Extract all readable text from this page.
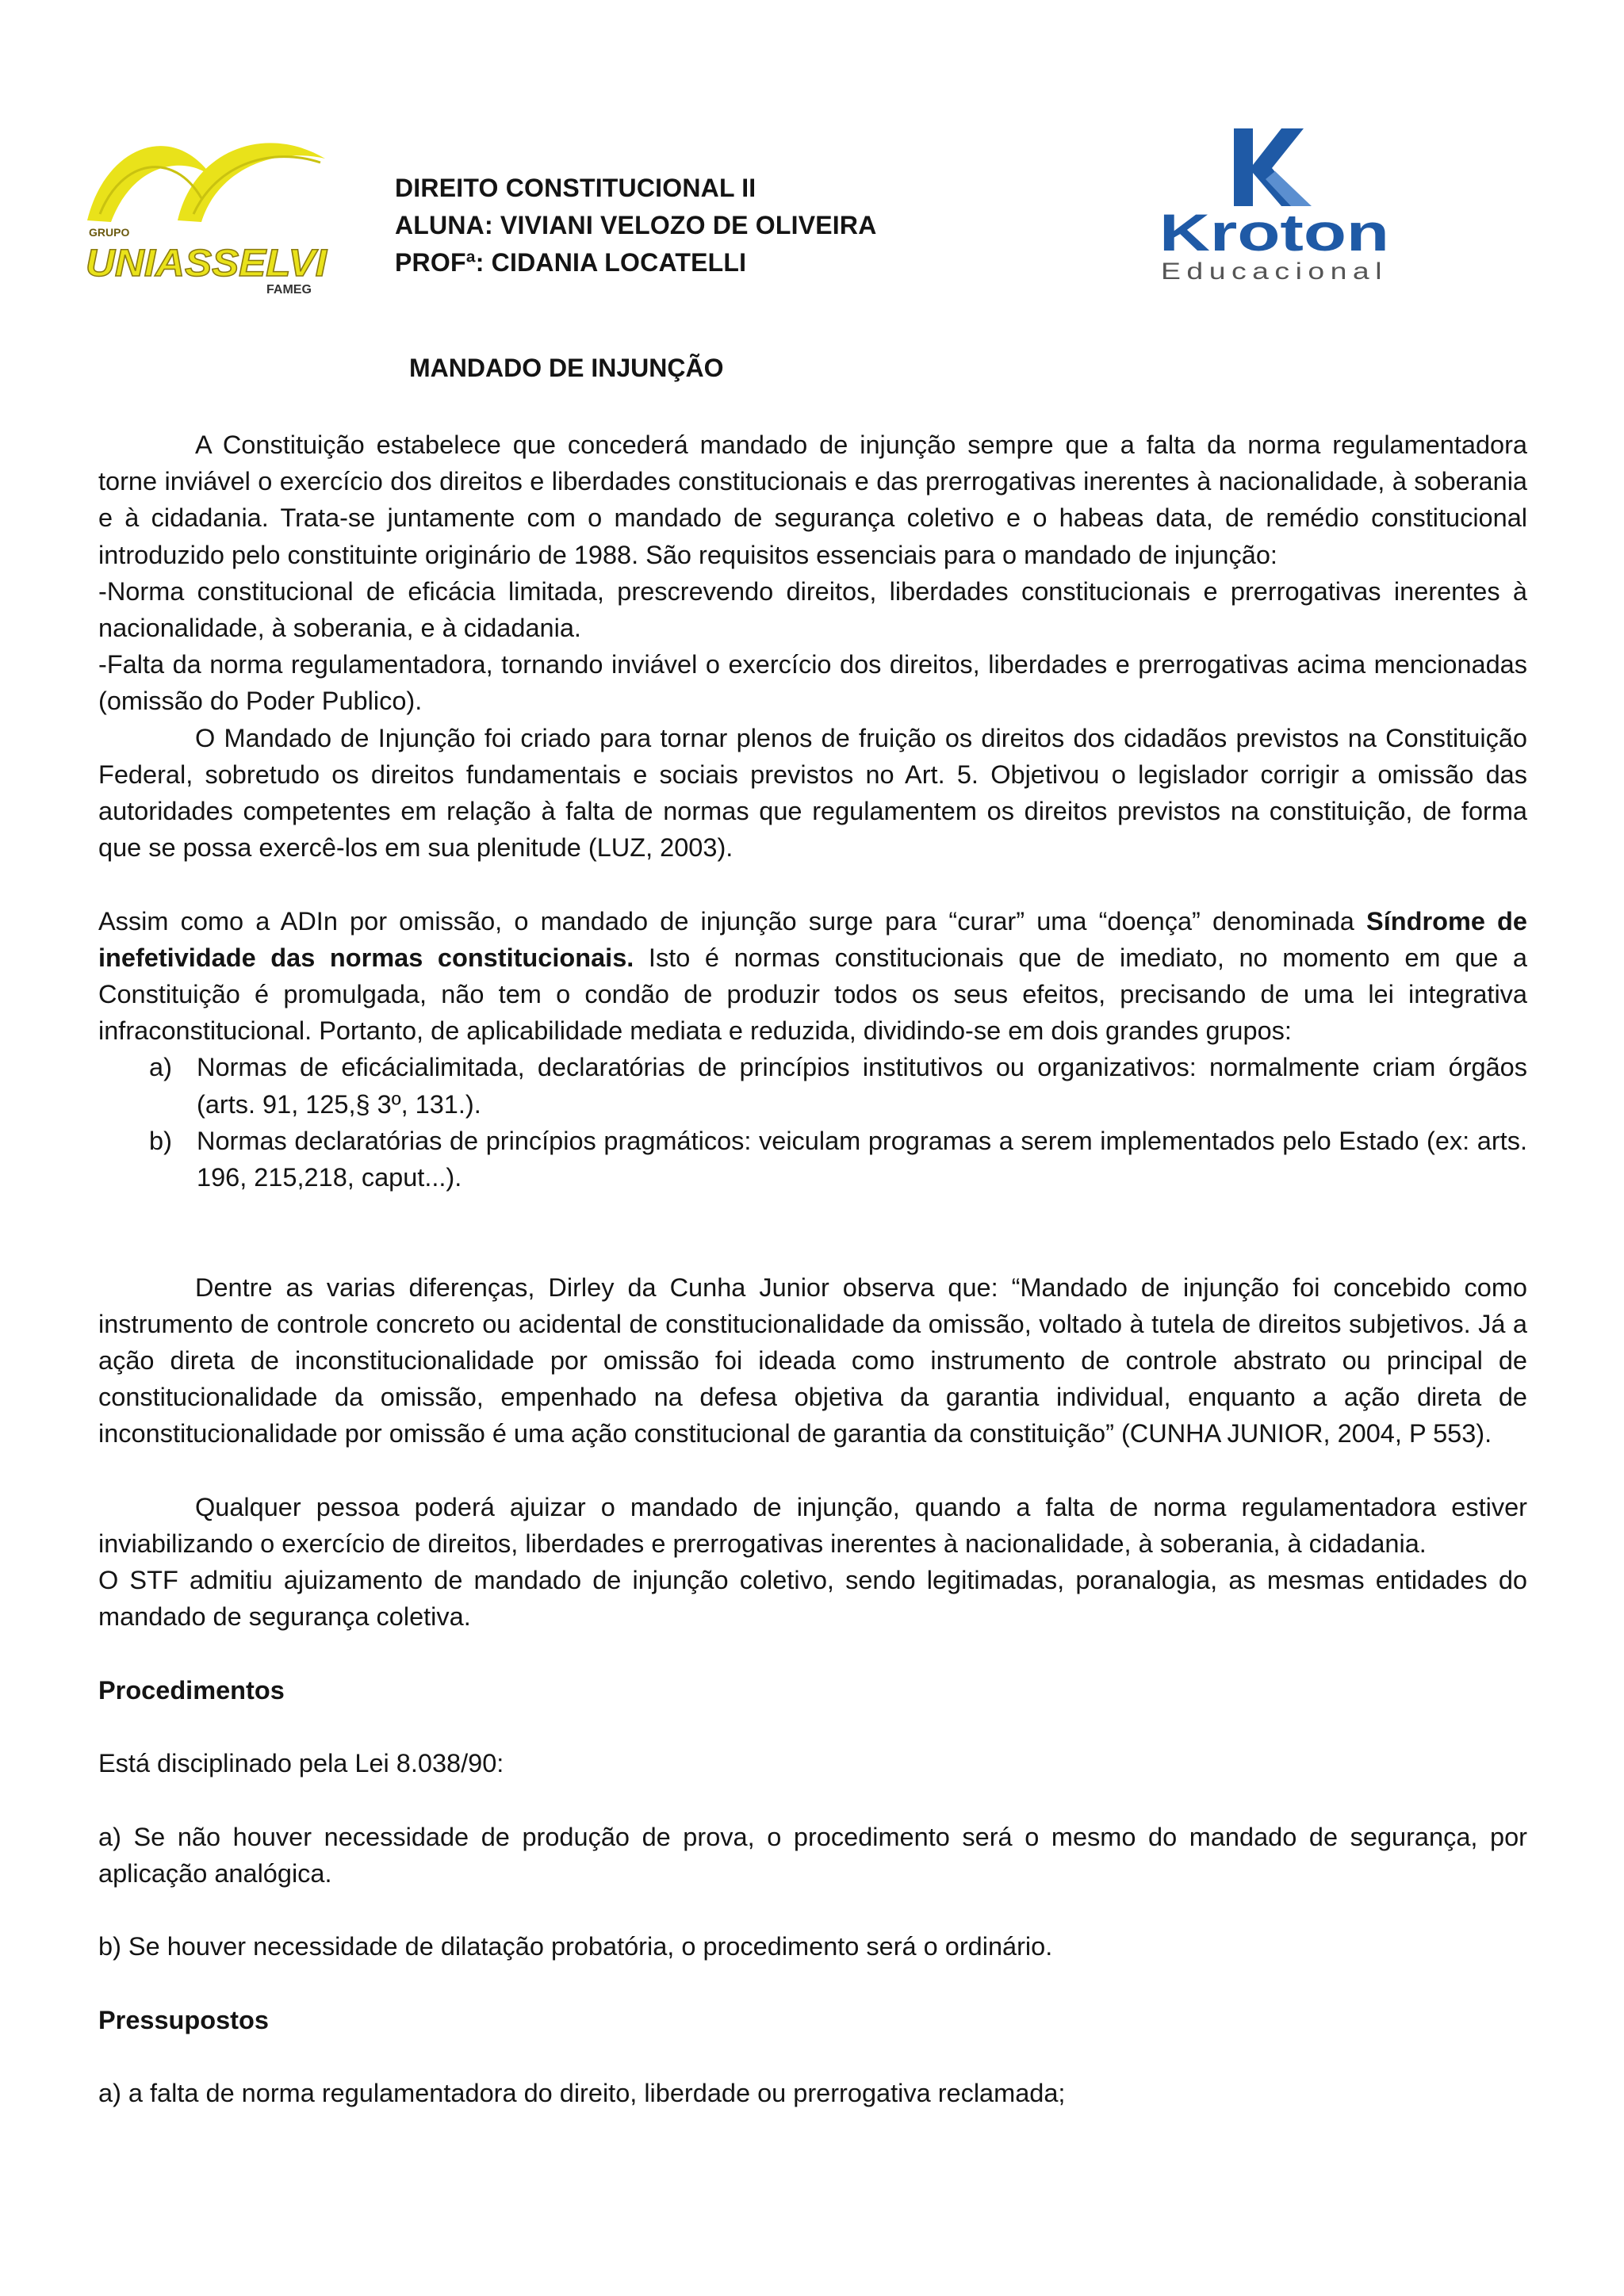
GRUPO
UNIASSELVI
FAMEG
DIREITO CONSTITUCIONAL II
ALUNA: VIVIANI VELOZO DE OLIVEIRA
PROFª: CIDANIA LOCATELLI
Kroton
Educacional
MANDADO DE INJUNÇÃO

A Constituição estabelece que concederá mandado de injunção sempre que a falta da norma regulamentadora torne inviável o exercício dos direitos e liberdades constitucionais e das prerrogativas inerentes à nacionalidade, à soberania e à cidadania. Trata-se juntamente com o mandado de segurança coletivo e o habeas data, de remédio constitucional introduzido pelo constituinte originário de 1988. São requisitos essenciais para o mandado de injunção:

-Norma constitucional de eficácia limitada, prescrevendo direitos, liberdades constitucionais e prerrogativas inerentes à nacionalidade, à soberania, e à cidadania.

-Falta da norma regulamentadora, tornando inviável o exercício dos direitos, liberdades e prerrogativas acima mencionadas (omissão do Poder Publico).

O Mandado de Injunção foi criado para tornar plenos de fruição os direitos dos cidadãos previstos na Constituição Federal, sobretudo os direitos fundamentais e sociais previstos no Art. 5. Objetivou o legislador corrigir a omissão das autoridades competentes em relação à falta de normas que regulamentem os direitos previstos na constituição, de forma que se possa exercê-los em sua plenitude (LUZ, 2003).

Assim como a ADIn por omissão, o mandado de injunção surge para “curar” uma “doença” denominada Síndrome de inefetividade das normas constitucionais. Isto é normas constitucionais que de imediato, no momento em que a Constituição é promulgada, não tem o condão de produzir todos os seus efeitos, precisando de uma lei integrativa infraconstitucional. Portanto, de aplicabilidade mediata e reduzida, dividindo-se em dois grandes grupos:

a) Normas de eficácialimitada, declaratórias de princípios institutivos ou organizativos: normalmente criam órgãos (arts. 91, 125,§ 3º, 131.).
b) Normas declaratórias de princípios pragmáticos: veiculam programas a serem implementados pelo Estado (ex: arts. 196, 215,218, caput...).

Dentre as varias diferenças, Dirley da Cunha Junior observa que: “Mandado de injunção foi concebido como instrumento de controle concreto ou acidental de constitucionalidade da omissão, voltado à tutela de direitos subjetivos. Já a ação direta de inconstitucionalidade por omissão foi ideada como instrumento de controle abstrato ou principal de constitucionalidade da omissão, empenhado na defesa objetiva da garantia individual, enquanto a ação direta de inconstitucionalidade por omissão é uma ação constitucional de garantia da constituição” (CUNHA JUNIOR, 2004, P 553).

Qualquer pessoa poderá ajuizar o mandado de injunção, quando a falta de norma regulamentadora estiver inviabilizando o exercício de direitos, liberdades e prerrogativas inerentes à nacionalidade, à soberania, à cidadania.

O STF admitiu ajuizamento de mandado de injunção coletivo, sendo legitimadas, poranalogia, as mesmas entidades do mandado de segurança coletiva.

Procedimentos

Está disciplinado pela Lei 8.038/90:

a) Se não houver necessidade de produção de prova, o procedimento será o mesmo do mandado de segurança, por aplicação analógica.

b) Se houver necessidade de dilatação probatória, o procedimento será o ordinário.

Pressupostos

a) a falta de norma regulamentadora do direito, liberdade ou prerrogativa reclamada;
